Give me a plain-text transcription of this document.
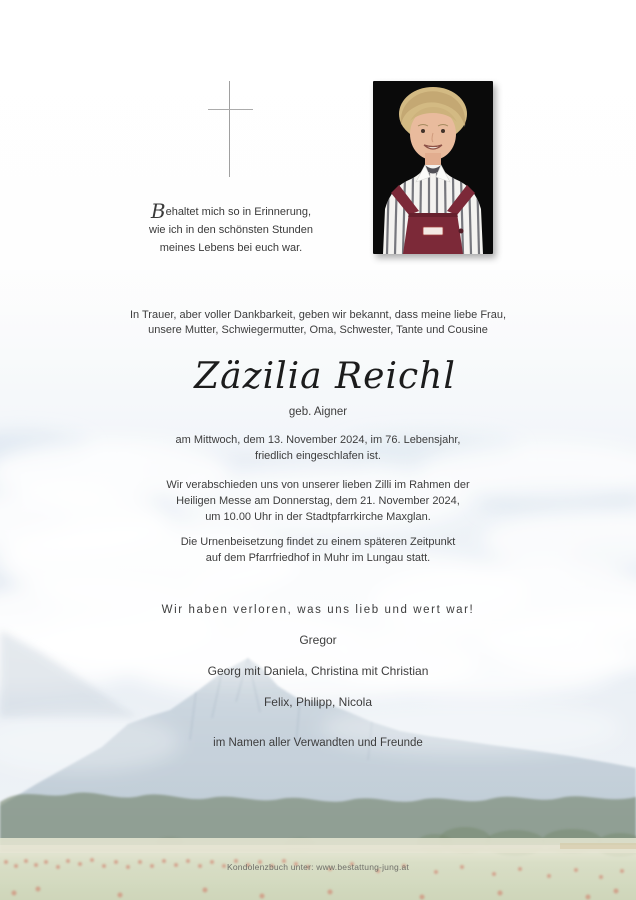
Behaltet mich so in Erinnerung,
wie ich in den schönsten Stunden
meines Lebens bei euch war.

In Trauer, aber voller Dankbarkeit, geben wir bekannt, dass meine liebe Frau,
unsere Mutter, Schwiegermutter, Oma, Schwester, Tante und Cousine

Zäzilia Reichl
geb. Aigner

am Mittwoch, dem 13. November 2024, im 76. Lebensjahr,
friedlich eingeschlafen ist.

Wir verabschieden uns von unserer lieben Zilli im Rahmen der
Heiligen Messe am Donnerstag, dem 21. November 2024,
um 10.00 Uhr in der Stadtpfarrkirche Maxglan.

Die Urnenbeisetzung findet zu einem späteren Zeitpunkt
auf dem Pfarrfriedhof in Muhr im Lungau statt.

Wir haben verloren, was uns lieb und wert war!
Gregor
Georg mit Daniela, Christina mit Christian
Felix, Philipp, Nicola
im Namen aller Verwandten und Freunde
Kondolenzbuch unter: www.bestattung-jung.at
